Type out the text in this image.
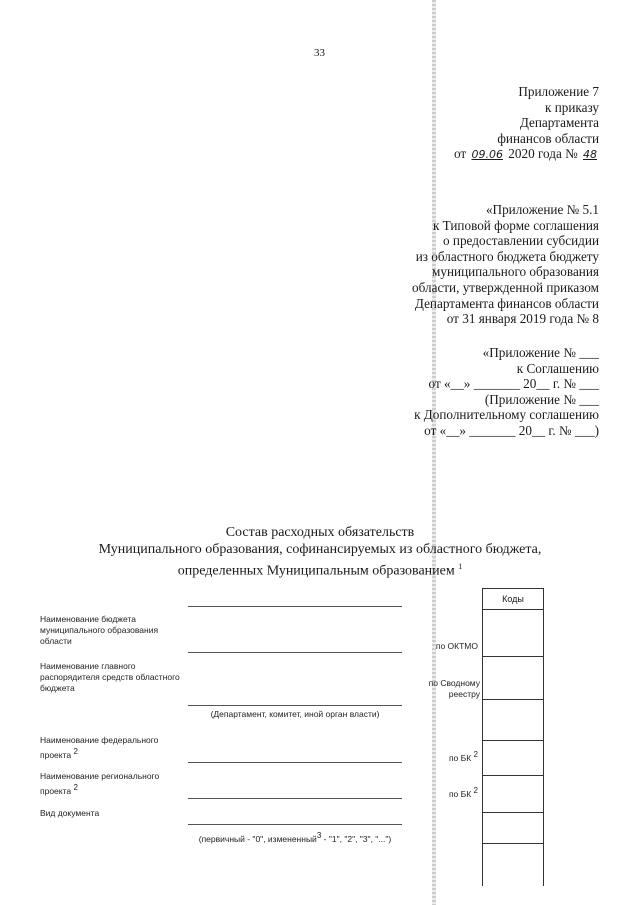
33
Приложение 7
к приказу
Департамента
финансов области
от 09.06 2020 года № 48
«Приложение № 5.1
к Типовой форме соглашения
о предоставлении субсидии
из областного бюджета бюджету
муниципального образования
области, утвержденной приказом
Департамента финансов области
от 31 января 2019 года № 8
«Приложение № ___
к Соглашению
от «__» _______ 20__ г. № ___
(Приложение № ___
к Дополнительному соглашению
от «__» _______ 20__ г. № ___)
Состав расходных обязательств
Муниципального образования, софинансируемых из областного бюджета,
определенных Муниципальным образованием $^1$
Наименование бюджета муниципального образования области
Наименование главного распорядителя средств областного бюджета
(Департамент, комитет, иной орган власти)
Наименование федерального проекта 2
Наименование регионального проекта 2
Вид документа
(первичный - "0", измененный3 - "1", "2", "3", "...")
по ОКТМО
по Сводному реестру
по БК 2
по БК 2
Коды
